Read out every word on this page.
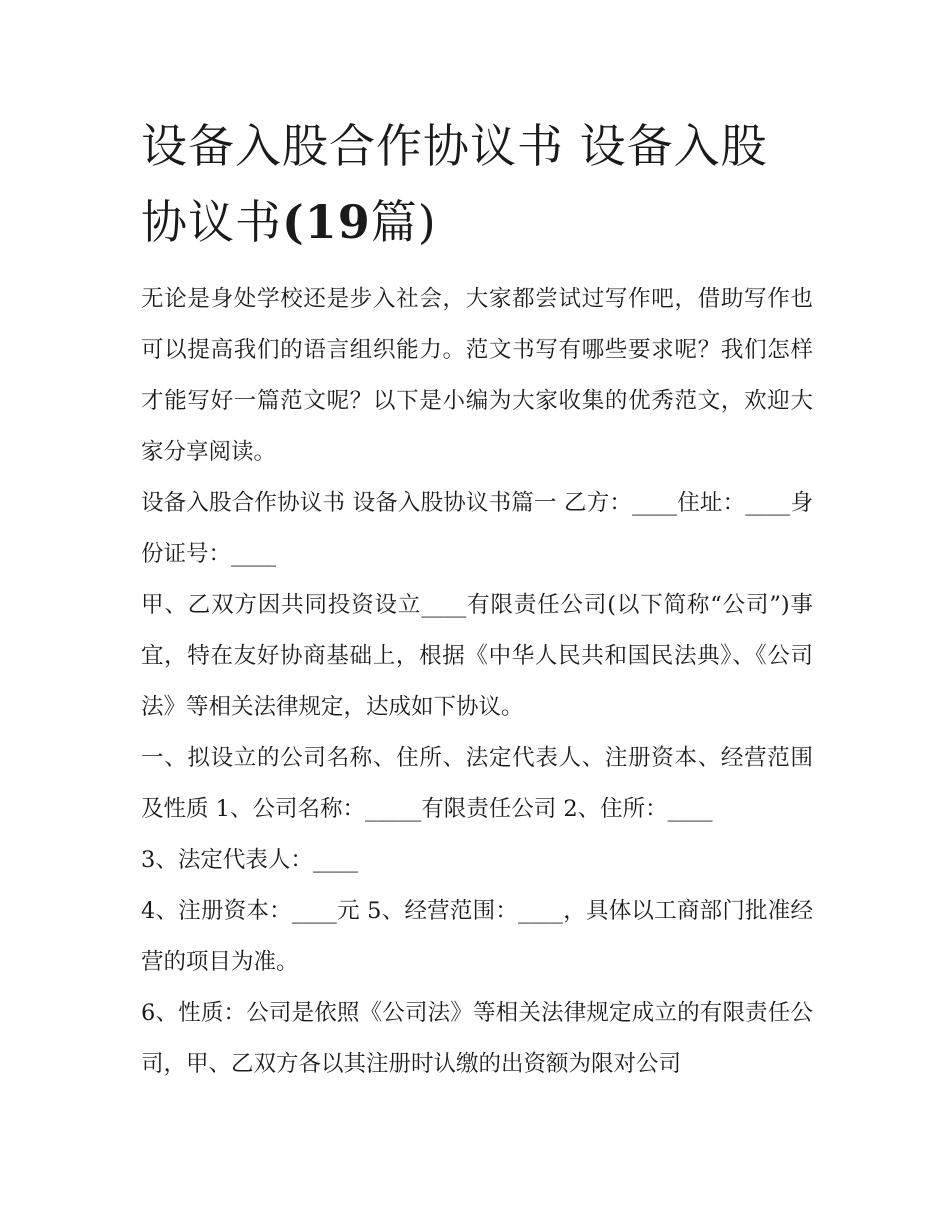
设备入股合作协议书 设备入股协议书(19篇)

无论是身处学校还是步入社会，大家都尝试过写作吧，借助写作也可以提高我们的语言组织能力。范文书写有哪些要求呢？我们怎样才能写好一篇范文呢？以下是小编为大家收集的优秀范文，欢迎大家分享阅读。

设备入股合作协议书 设备入股协议书篇一 乙方：____住址：____身份证号：____

甲、乙双方因共同投资设立____有限责任公司(以下简称“公司”)事宜，特在友好协商基础上，根据《中华人民共和国民法典》、《公司法》等相关法律规定，达成如下协议。

一、拟设立的公司名称、住所、法定代表人、注册资本、经营范围及性质 1、公司名称：_____有限责任公司 2、住所：____

3、法定代表人：____

4、注册资本：____元 5、经营范围：____，具体以工商部门批准经营的项目为准。

6、性质：公司是依照《公司法》等相关法律规定成立的有限责任公司，甲、乙双方各以其注册时认缴的出资额为限对公司
